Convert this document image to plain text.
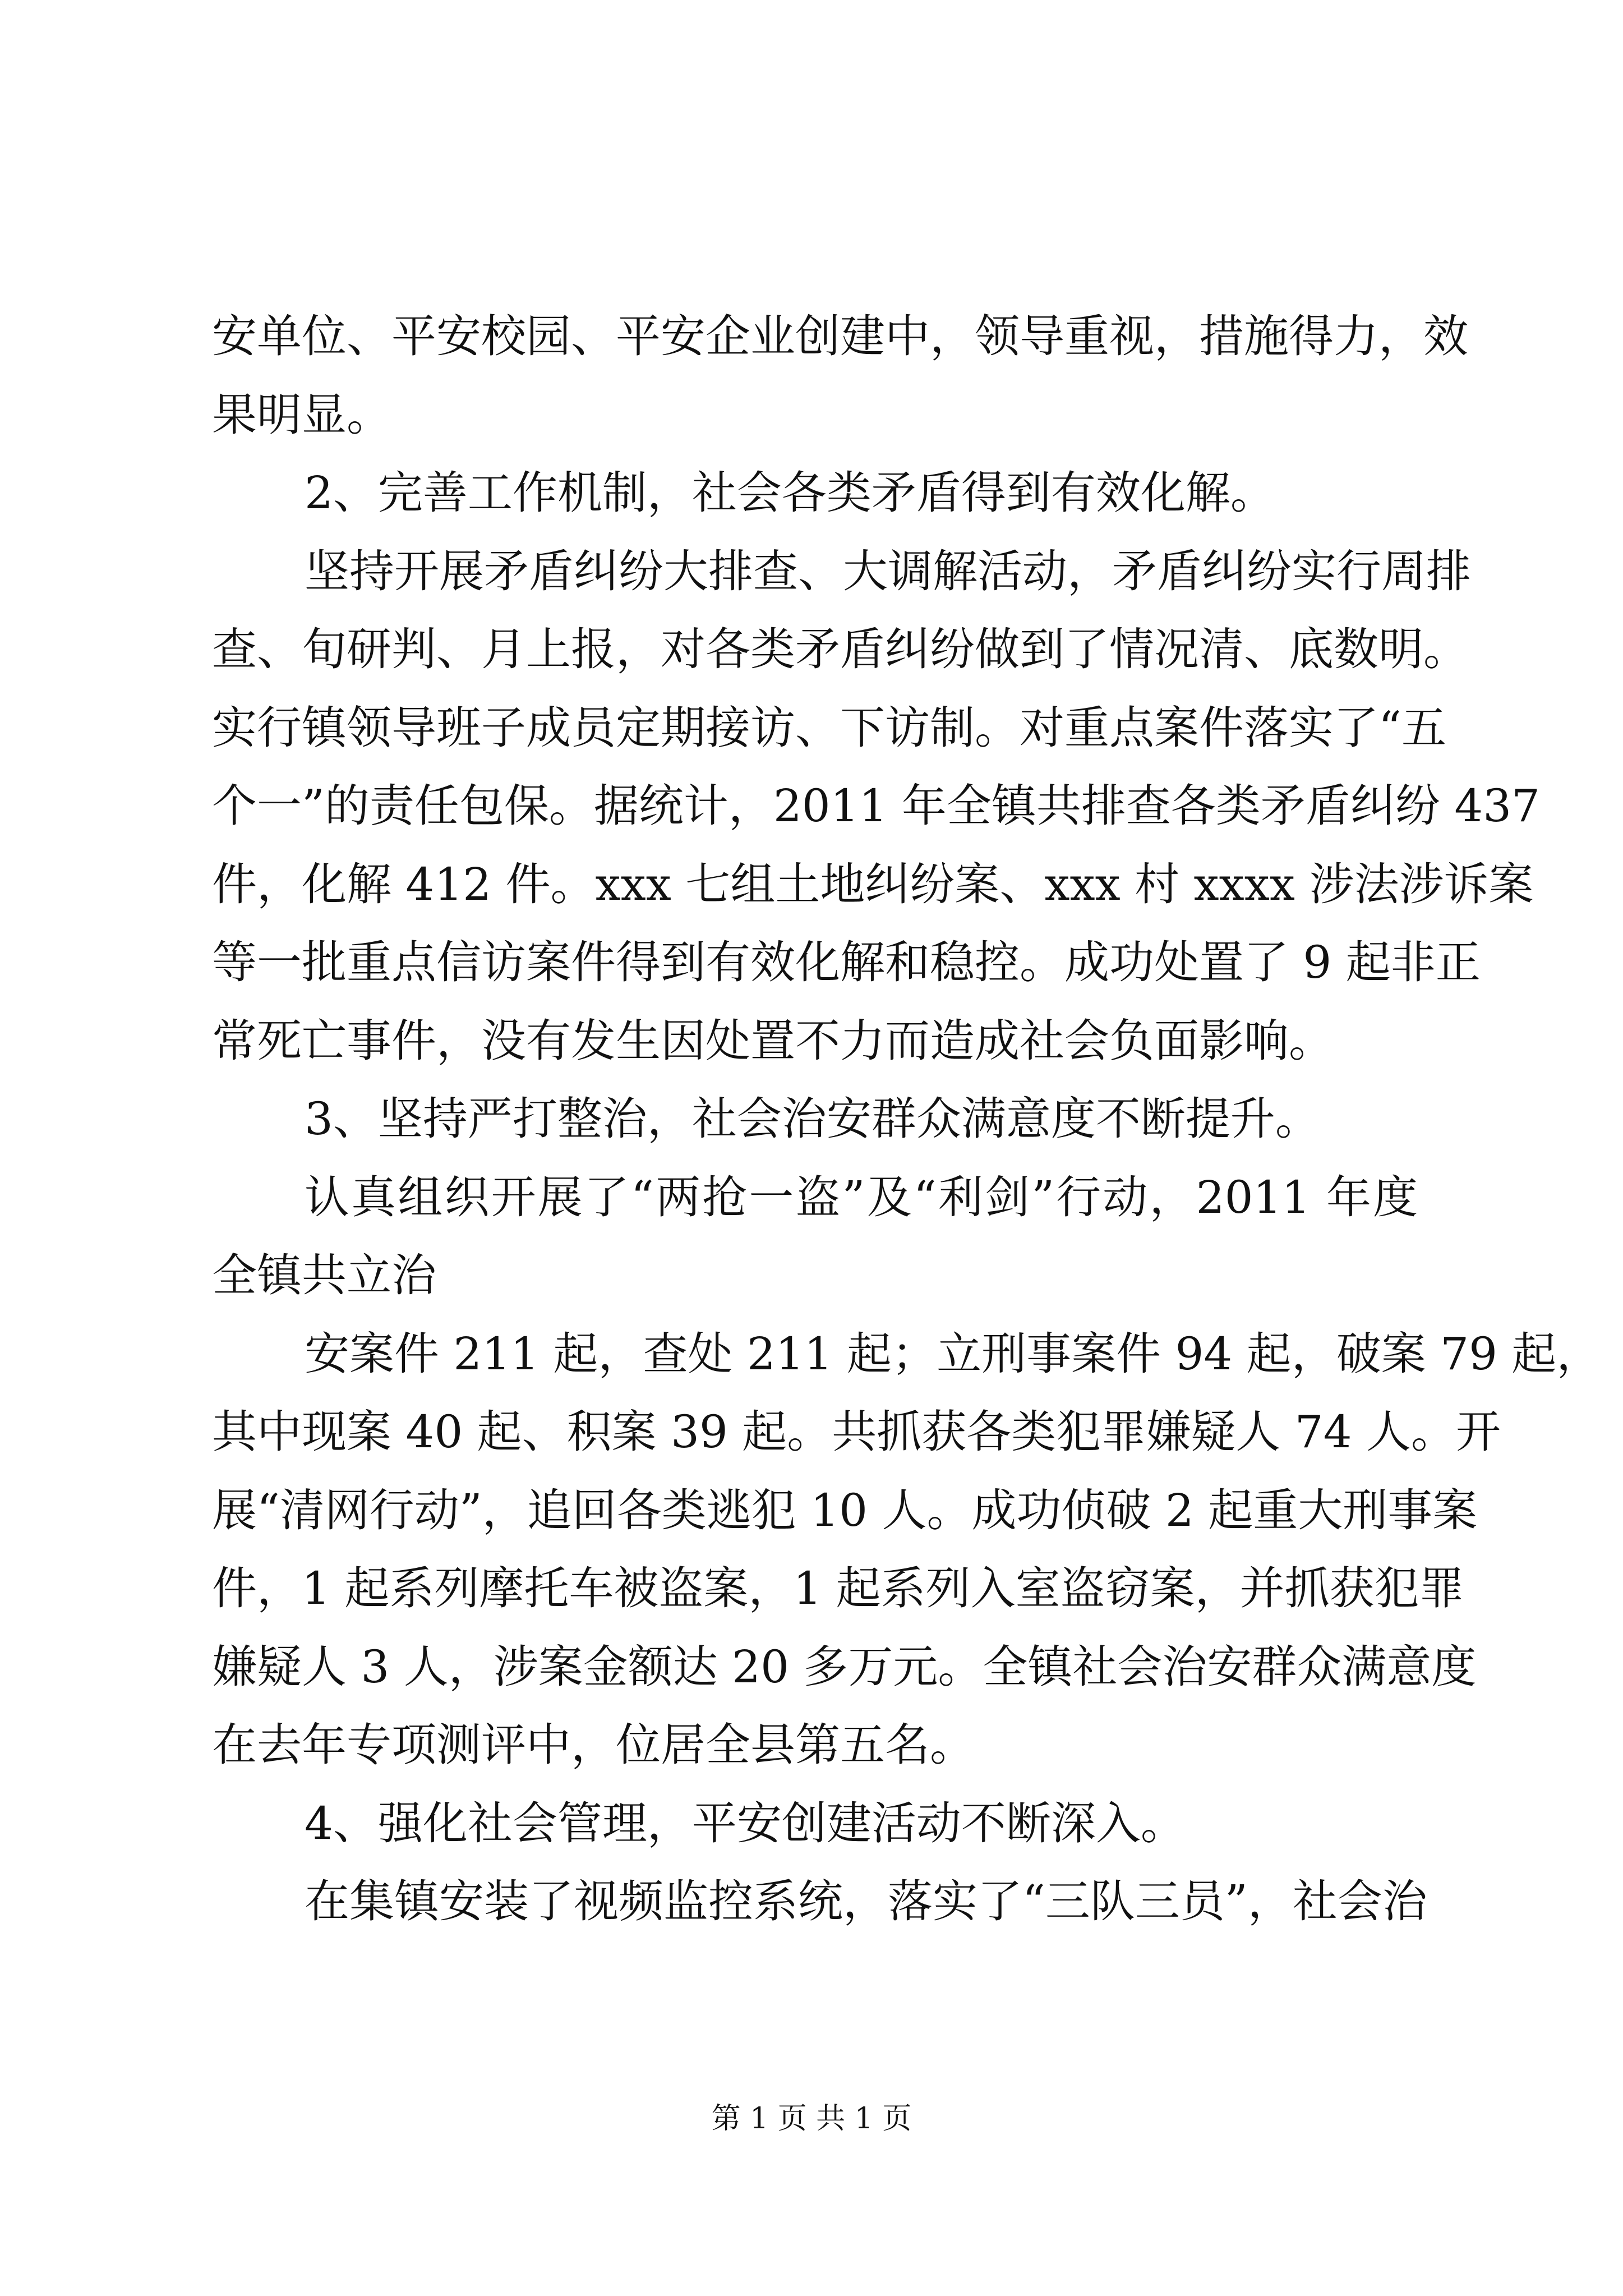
安单位、平安校园、平安企业创建中，领导重视，措施得力，效
果明显。
2、完善工作机制，社会各类矛盾得到有效化解。
坚持开展矛盾纠纷大排查、大调解活动，矛盾纠纷实行周排
查、旬研判、月上报，对各类矛盾纠纷做到了情况清、底数明。
实行镇领导班子成员定期接访、下访制。对重点案件落实了“五
个一”的责任包保。据统计，2011 年全镇共排查各类矛盾纠纷 437
件，化解 412 件。xxx 七组土地纠纷案、xxx 村 xxxx 涉法涉诉案
等一批重点信访案件得到有效化解和稳控。成功处置了 9 起非正
常死亡事件，没有发生因处置不力而造成社会负面影响。
3、坚持严打整治，社会治安群众满意度不断提升。
认真组织开展了“两抢一盗”及“利剑”行动，2011 年度
全镇共立治
安案件 211 起，查处 211 起；立刑事案件 94 起，破案 79 起，
其中现案 40 起、积案 39 起。共抓获各类犯罪嫌疑人 74 人。开
展“清网行动”，追回各类逃犯 10 人。成功侦破 2 起重大刑事案
件，1 起系列摩托车被盗案，1 起系列入室盗窃案，并抓获犯罪
嫌疑人 3 人，涉案金额达 20 多万元。全镇社会治安群众满意度
在去年专项测评中，位居全县第五名。
4、强化社会管理，平安创建活动不断深入。
在集镇安装了视频监控系统，落实了“三队三员”，社会治
第 1 页 共 1 页
